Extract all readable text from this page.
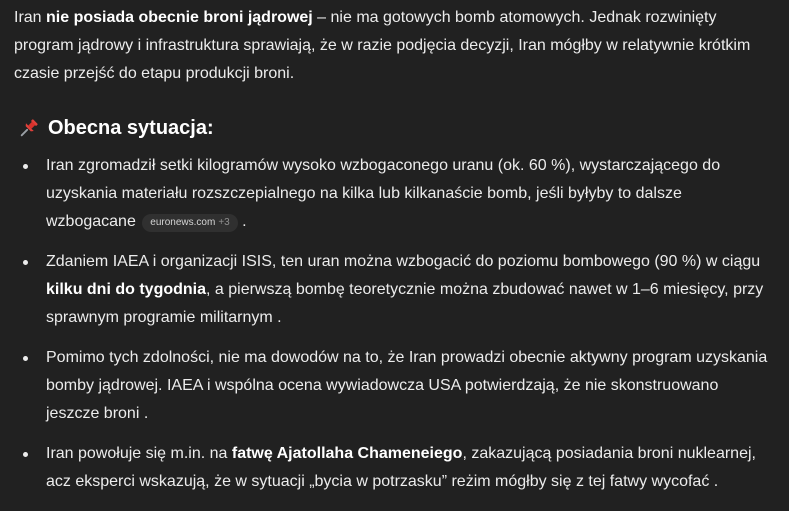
Iran nie posiada obecnie broni jądrowej – nie ma gotowych bomb atomowych. Jednak rozwinięty program jądrowy i infrastruktura sprawiają, że w razie podjęcia decyzji, Iran mógłby w relatywnie krótkim czasie przejść do etapu produkcji broni.

Obecna sytuacja:
Iran zgromadził setki kilogramów wysoko wzbogaconego uranu (ok. 60 %), wystarczającego do uzyskania materiału rozszczepialnego na kilka lub kilkanaście bomb, jeśli byłyby to dalsze wzbogacane euronews.com +3 .
Zdaniem IAEA i organizacji ISIS, ten uran można wzbogacić do poziomu bombowego (90 %) w ciągu kilku dni do tygodnia, a pierwszą bombę teoretycznie można zbudować nawet w 1–6 miesięcy, przy sprawnym programie militarnym .
Pomimo tych zdolności, nie ma dowodów na to, że Iran prowadzi obecnie aktywny program uzyskania bomby jądrowej. IAEA i wspólna ocena wywiadowcza USA potwierdzają, że nie skonstruowano jeszcze broni .
Iran powołuje się m.in. na fatwę Ajatollaha Chameneiego, zakazującą posiadania broni nuklearnej, acz eksperci wskazują, że w sytuacji „bycia w potrzasku” reżim mógłby się z tej fatwy wycofać .
